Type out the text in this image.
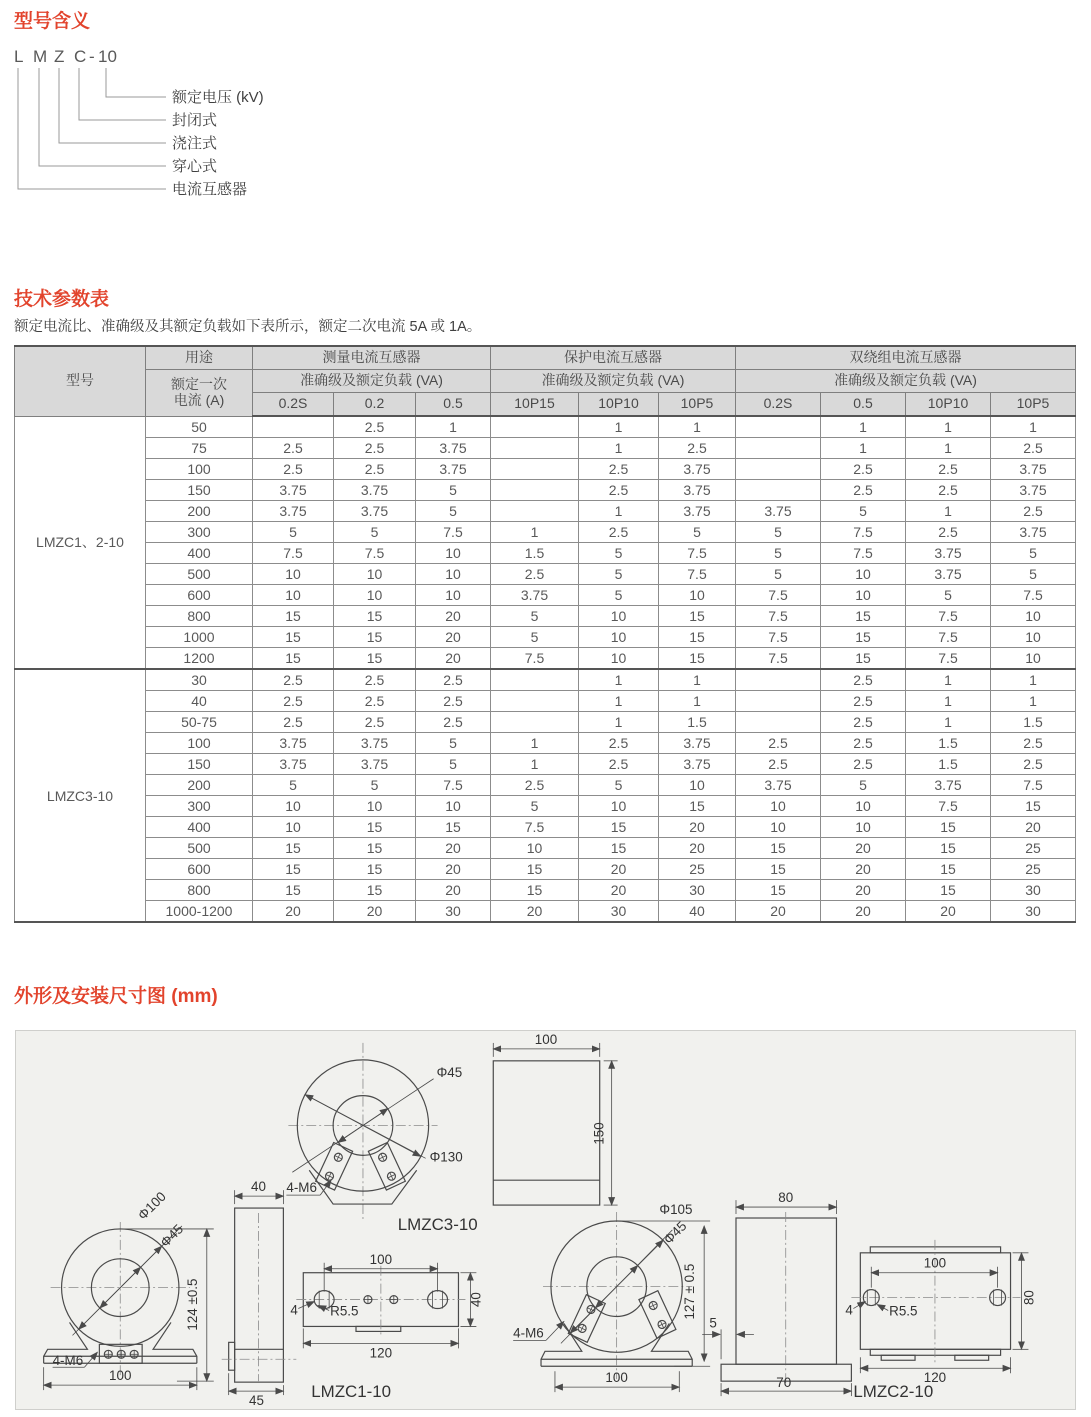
型号含义
L M Z C - 10
额定电压 (kV)
封闭式
浇注式
穿心式
电流互感器
技术参数表

额定电流比、准确级及其额定负载如下表所示，额定二次电流 5A 或 1A。

型号	用途	测量电流互感器			保护电流互感器			双绕组电流互感器			

	额定一次
电流 (A)	准确级及额定负载 (VA)			准确级及额定负载 (VA)			准确级及额定负载 (VA)			
		0.2S	0.2	0.5	10P15	10P10	10P5	0.2S	0.5	10P10	10P5
LMZC1、2-10	50		2.5	1		1	1		1	1	1
	75	2.5	2.5	3.75		1	2.5		1	1	2.5
	100	2.5	2.5	3.75		2.5	3.75		2.5	2.5	3.75
	150	3.75	3.75	5		2.5	3.75		2.5	2.5	3.75
	200	3.75	3.75	5		1	3.75	3.75	5	1	2.5
	300	5	5	7.5	1	2.5	5	5	7.5	2.5	3.75
	400	7.5	7.5	10	1.5	5	7.5	5	7.5	3.75	5
	500	10	10	10	2.5	5	7.5	5	10	3.75	5
	600	10	10	10	3.75	5	10	7.5	10	5	7.5
	800	15	15	20	5	10	15	7.5	15	7.5	10
	1000	15	15	20	5	10	15	7.5	15	7.5	10
	1200	15	15	20	7.5	10	15	7.5	15	7.5	10
LMZC3-10	30	2.5	2.5	2.5		1	1		2.5	1	1
	40	2.5	2.5	2.5		1	1		2.5	1	1
	50-75	2.5	2.5	2.5		1	1.5		2.5	1	1.5
	100	3.75	3.75	5	1	2.5	3.75	2.5	2.5	1.5	2.5
	150	3.75	3.75	5	1	2.5	3.75	2.5	2.5	1.5	2.5
	200	5	5	7.5	2.5	5	10	3.75	5	3.75	7.5
	300	10	10	10	5	10	15	10	10	7.5	15
	400	10	15	15	7.5	15	20	10	10	15	20
	500	15	15	20	10	15	20	15	20	15	25
	600	15	15	20	15	20	25	15	20	15	25
	800	15	15	20	15	20	30	15	20	15	30
	1000-1200	20	20	30	20	30	40	20	20	20	30
外形及安装尺寸图 (mm)
Φ45
Φ130
4-M6
LMZC3-10
100
150
Φ100
Φ45
124 ±0.5
4-M6
100
40
45
100
120
40
R5.5
4
LMZC1-10
Φ105
Φ45
127 ± 0.5
4-M6
100
5
80
70
100
120
80
R5.5
4
LMZC2-10
